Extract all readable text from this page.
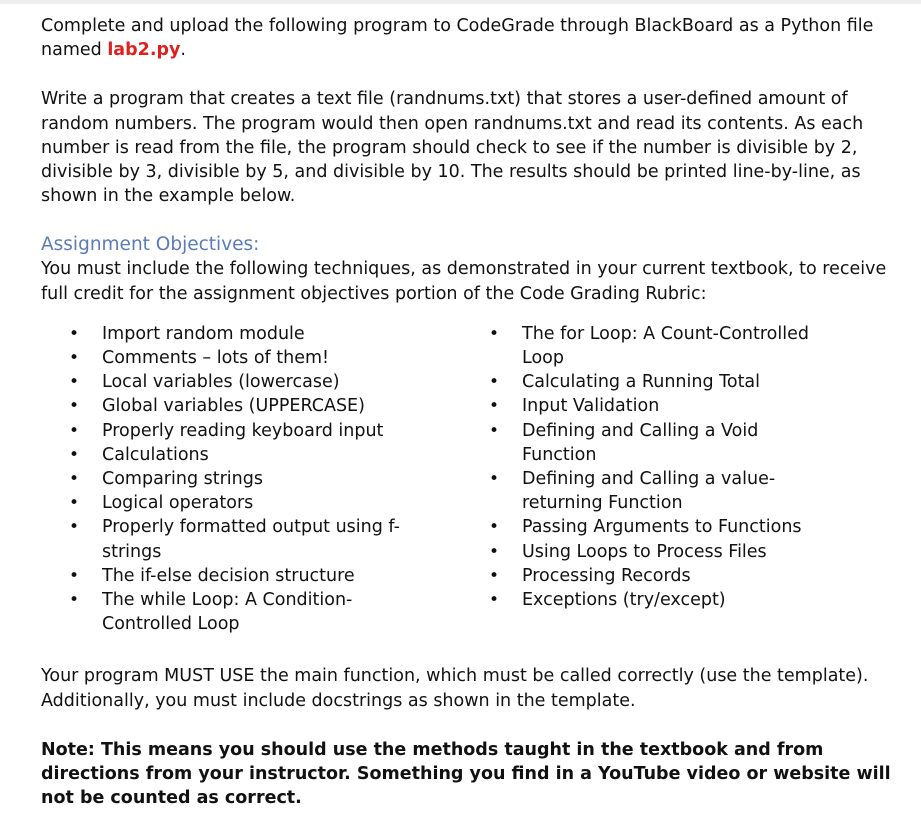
Complete and upload the following program to CodeGrade through BlackBoard as a Python file named lab2.py.

Write a program that creates a text file (randnums.txt) that stores a user-defined amount of random numbers. The program would then open randnums.txt and read its contents. As each number is read from the file, the program should check to see if the number is divisible by 2, divisible by 3, divisible by 5, and divisible by 10. The results should be printed line-by-line, as shown in the example below.

Assignment Objectives:

You must include the following techniques, as demonstrated in your current textbook, to receive full credit for the assignment objectives portion of the Code Grading Rubric:

• Import random module
• Comments – lots of them!
• Local variables (lowercase)
• Global variables (UPPERCASE)
• Properly reading keyboard input
• Calculations
• Comparing strings
• Logical operators
• Properly formatted output using f-strings
• The if-else decision structure
• The while Loop: A Condition-Controlled Loop
• The for Loop: A Count-Controlled Loop
• Calculating a Running Total
• Input Validation
• Defining and Calling a Void Function
• Defining and Calling a value-returning Function
• Passing Arguments to Functions
• Using Loops to Process Files
• Processing Records
• Exceptions (try/except)

Your program MUST USE the main function, which must be called correctly (use the template). Additionally, you must include docstrings as shown in the template.

Note: This means you should use the methods taught in the textbook and from directions from your instructor. Something you find in a YouTube video or website will not be counted as correct.
